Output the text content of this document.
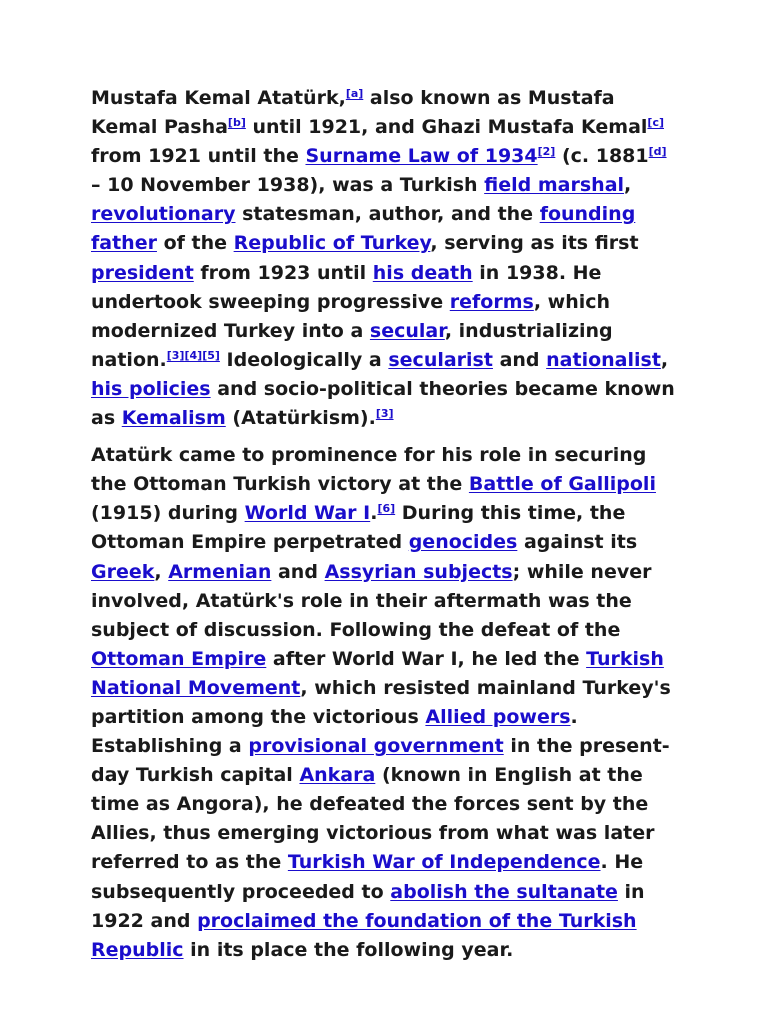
Mustafa Kemal Atatürk,[a] also known as Mustafa Kemal Pasha[b] until 1921, and Ghazi Mustafa Kemal[c] from 1921 until the Surname Law of 1934[2] (c. 1881[d] – 10 November 1938), was a Turkish field marshal, revolutionary statesman, author, and the founding father of the Republic of Turkey, serving as its first president from 1923 until his death in 1938. He undertook sweeping progressive reforms, which modernized Turkey into a secular, industrializing nation.[3][4][5] Ideologically a secularist and nationalist, his policies and socio-political theories became known as Kemalism (Atatürkism).[3]

Atatürk came to prominence for his role in securing the Ottoman Turkish victory at the Battle of Gallipoli (1915) during World War I.[6] During this time, the Ottoman Empire perpetrated genocides against its Greek, Armenian and Assyrian subjects; while never involved, Atatürk's role in their aftermath was the subject of discussion. Following the defeat of the Ottoman Empire after World War I, he led the Turkish National Movement, which resisted mainland Turkey's partition among the victorious Allied powers. Establishing a provisional government in the present-day Turkish capital Ankara (known in English at the time as Angora), he defeated the forces sent by the Allies, thus emerging victorious from what was later referred to as the Turkish War of Independence. He subsequently proceeded to abolish the sultanate in 1922 and proclaimed the foundation of the Turkish Republic in its place the following year.
